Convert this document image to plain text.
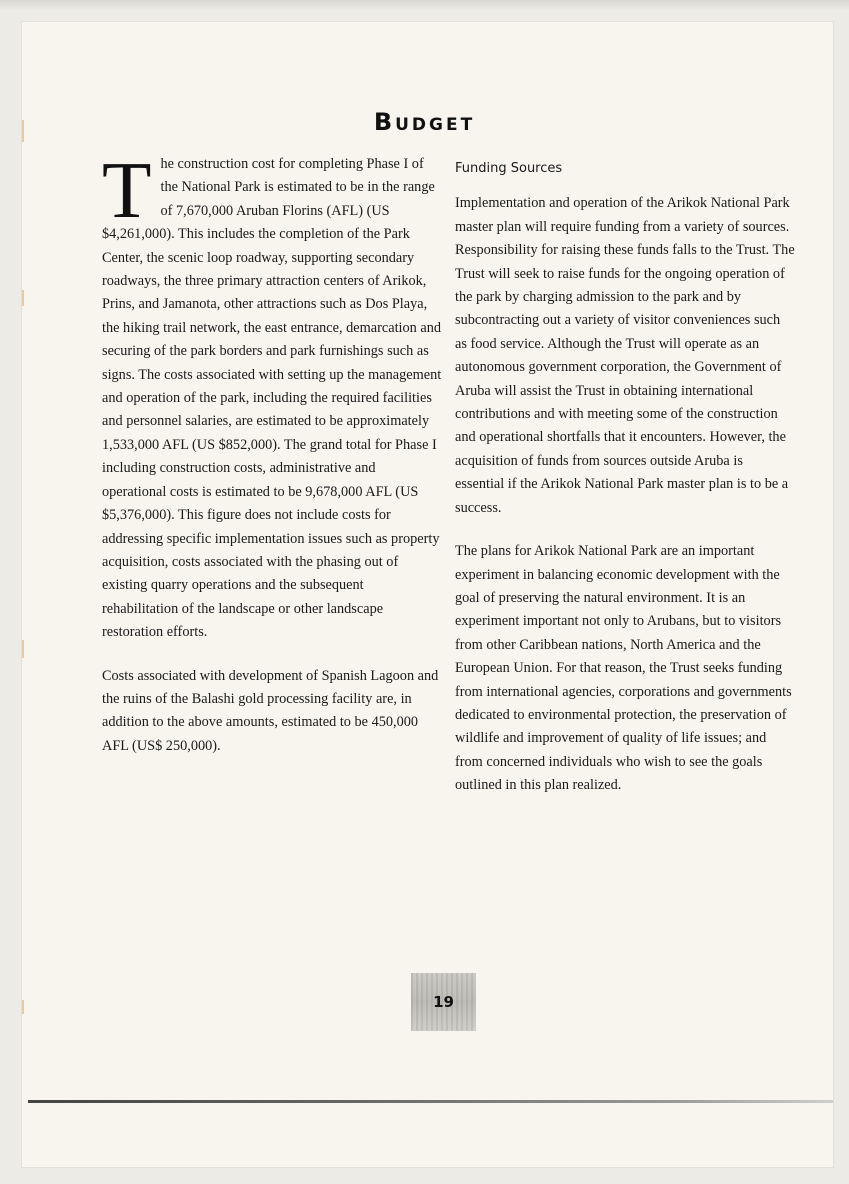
Budget

The construction cost for completing Phase I of the National Park is estimated to be in the range of 7,670,000 Aruban Florins (AFL) (US $4,261,000). This includes the completion of the Park Center, the scenic loop roadway, supporting secondary roadways, the three primary attraction centers of Arikok, Prins, and Jamanota, other attractions such as Dos Playa, the hiking trail network, the east entrance, demarcation and securing of the park borders and park furnishings such as signs. The costs associated with setting up the management and operation of the park, including the required facilities and personnel salaries, are estimated to be approximately 1,533,000 AFL (US $852,000). The grand total for Phase I including construction costs, administrative and operational costs is estimated to be 9,678,000 AFL (US $5,376,000). This figure does not include costs for addressing specific implementation issues such as property acquisition, costs associated with the phasing out of existing quarry operations and the subsequent rehabilitation of the landscape or other landscape restoration efforts.

Costs associated with development of Spanish Lagoon and the ruins of the Balashi gold processing facility are, in addition to the above amounts, estimated to be 450,000 AFL (US$ 250,000).

Funding Sources

Implementation and operation of the Arikok National Park master plan will require funding from a variety of sources. Responsibility for raising these funds falls to the Trust. The Trust will seek to raise funds for the ongoing operation of the park by charging admission to the park and by subcontracting out a variety of visitor conveniences such as food service. Although the Trust will operate as an autonomous government corporation, the Government of Aruba will assist the Trust in obtaining international contributions and with meeting some of the construction and operational shortfalls that it encounters. However, the acquisition of funds from sources outside Aruba is essential if the Arikok National Park master plan is to be a success.

The plans for Arikok National Park are an important experiment in balancing economic development with the goal of preserving the natural environment. It is an experiment important not only to Arubans, but to visitors from other Caribbean nations, North America and the European Union. For that reason, the Trust seeks funding from international agencies, corporations and governments dedicated to environmental protection, the preservation of wildlife and improvement of quality of life issues; and from concerned individuals who wish to see the goals outlined in this plan realized.

19
